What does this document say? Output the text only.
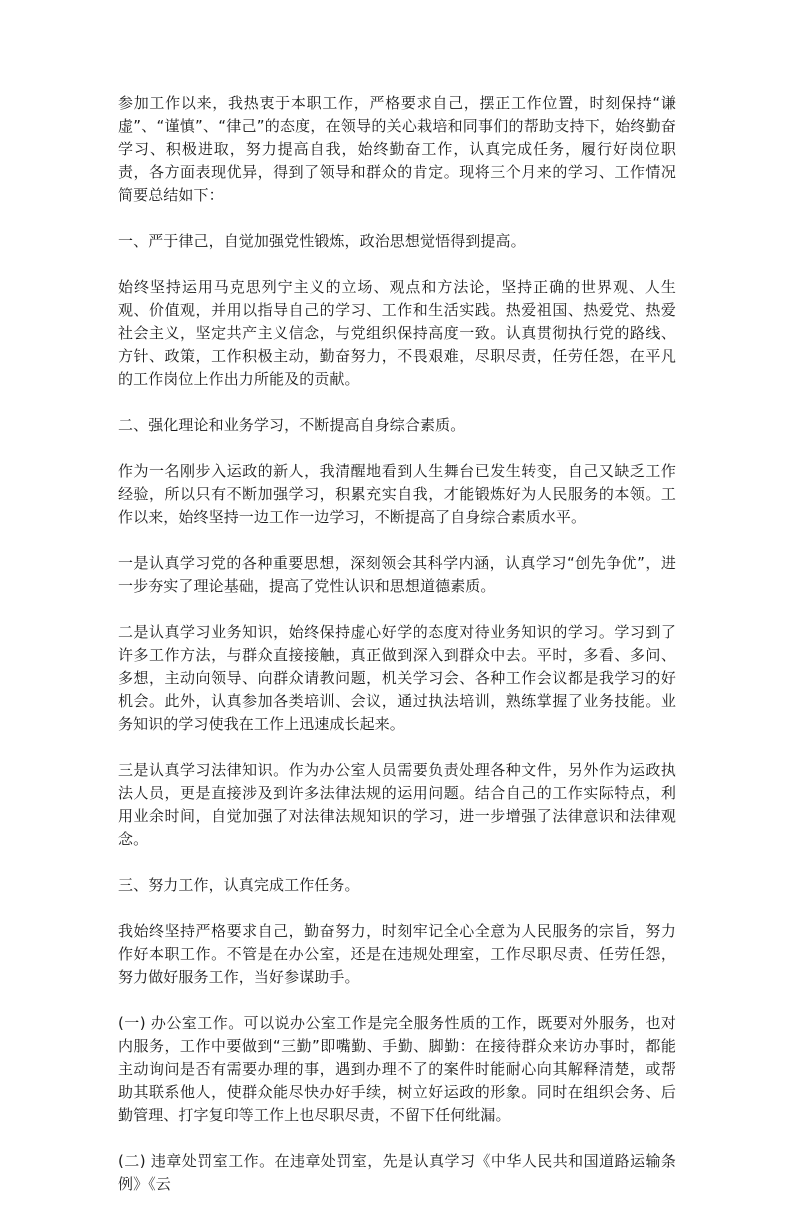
参加工作以来，我热衷于本职工作，严格要求自己，摆正工作位置，时刻保持“谦虚”、“谨慎”、“律己”的态度，在领导的关心栽培和同事们的帮助支持下，始终勤奋学习、积极进取，努力提高自我，始终勤奋工作，认真完成任务，履行好岗位职责，各方面表现优异，得到了领导和群众的肯定。现将三个月来的学习、工作情况简要总结如下：

一、严于律己，自觉加强党性锻炼，政治思想觉悟得到提高。

始终坚持运用马克思列宁主义的立场、观点和方法论，坚持正确的世界观、人生观、价值观，并用以指导自己的学习、工作和生活实践。热爱祖国、热爱党、热爱社会主义，坚定共产主义信念，与党组织保持高度一致。认真贯彻执行党的路线、方针、政策，工作积极主动，勤奋努力，不畏艰难，尽职尽责，任劳任怨，在平凡的工作岗位上作出力所能及的贡献。

二、强化理论和业务学习，不断提高自身综合素质。

作为一名刚步入运政的新人，我清醒地看到人生舞台已发生转变，自己又缺乏工作经验，所以只有不断加强学习，积累充实自我，才能锻炼好为人民服务的本领。工作以来，始终坚持一边工作一边学习，不断提高了自身综合素质水平。

一是认真学习党的各种重要思想，深刻领会其科学内涵，认真学习“创先争优”，进一步夯实了理论基础，提高了党性认识和思想道德素质。

二是认真学习业务知识，始终保持虚心好学的态度对待业务知识的学习。学习到了许多工作方法，与群众直接接触，真正做到深入到群众中去。平时，多看、多问、多想，主动向领导、向群众请教问题，机关学习会、各种工作会议都是我学习的好机会。此外，认真参加各类培训、会议，通过执法培训，熟练掌握了业务技能。业务知识的学习使我在工作上迅速成长起来。

三是认真学习法律知识。作为办公室人员需要负责处理各种文件，另外作为运政执法人员，更是直接涉及到许多法律法规的运用问题。结合自己的工作实际特点，利用业余时间，自觉加强了对法律法规知识的学习，进一步增强了法律意识和法律观念。

三、努力工作，认真完成工作任务。

我始终坚持严格要求自己，勤奋努力，时刻牢记全心全意为人民服务的宗旨，努力作好本职工作。不管是在办公室，还是在违规处理室，工作尽职尽责、任劳任怨，努力做好服务工作，当好参谋助手。

(一) 办公室工作。可以说办公室工作是完全服务性质的工作，既要对外服务，也对内服务，工作中要做到“三勤”即嘴勤、手勤、脚勤：在接待群众来访办事时，都能主动询问是否有需要办理的事，遇到办理不了的案件时能耐心向其解释清楚，或帮助其联系他人，使群众能尽快办好手续，树立好运政的形象。同时在组织会务、后勤管理、打字复印等工作上也尽职尽责，不留下任何纰漏。

(二) 违章处罚室工作。在违章处罚室，先是认真学习《中华人民共和国道路运输条例》《云
